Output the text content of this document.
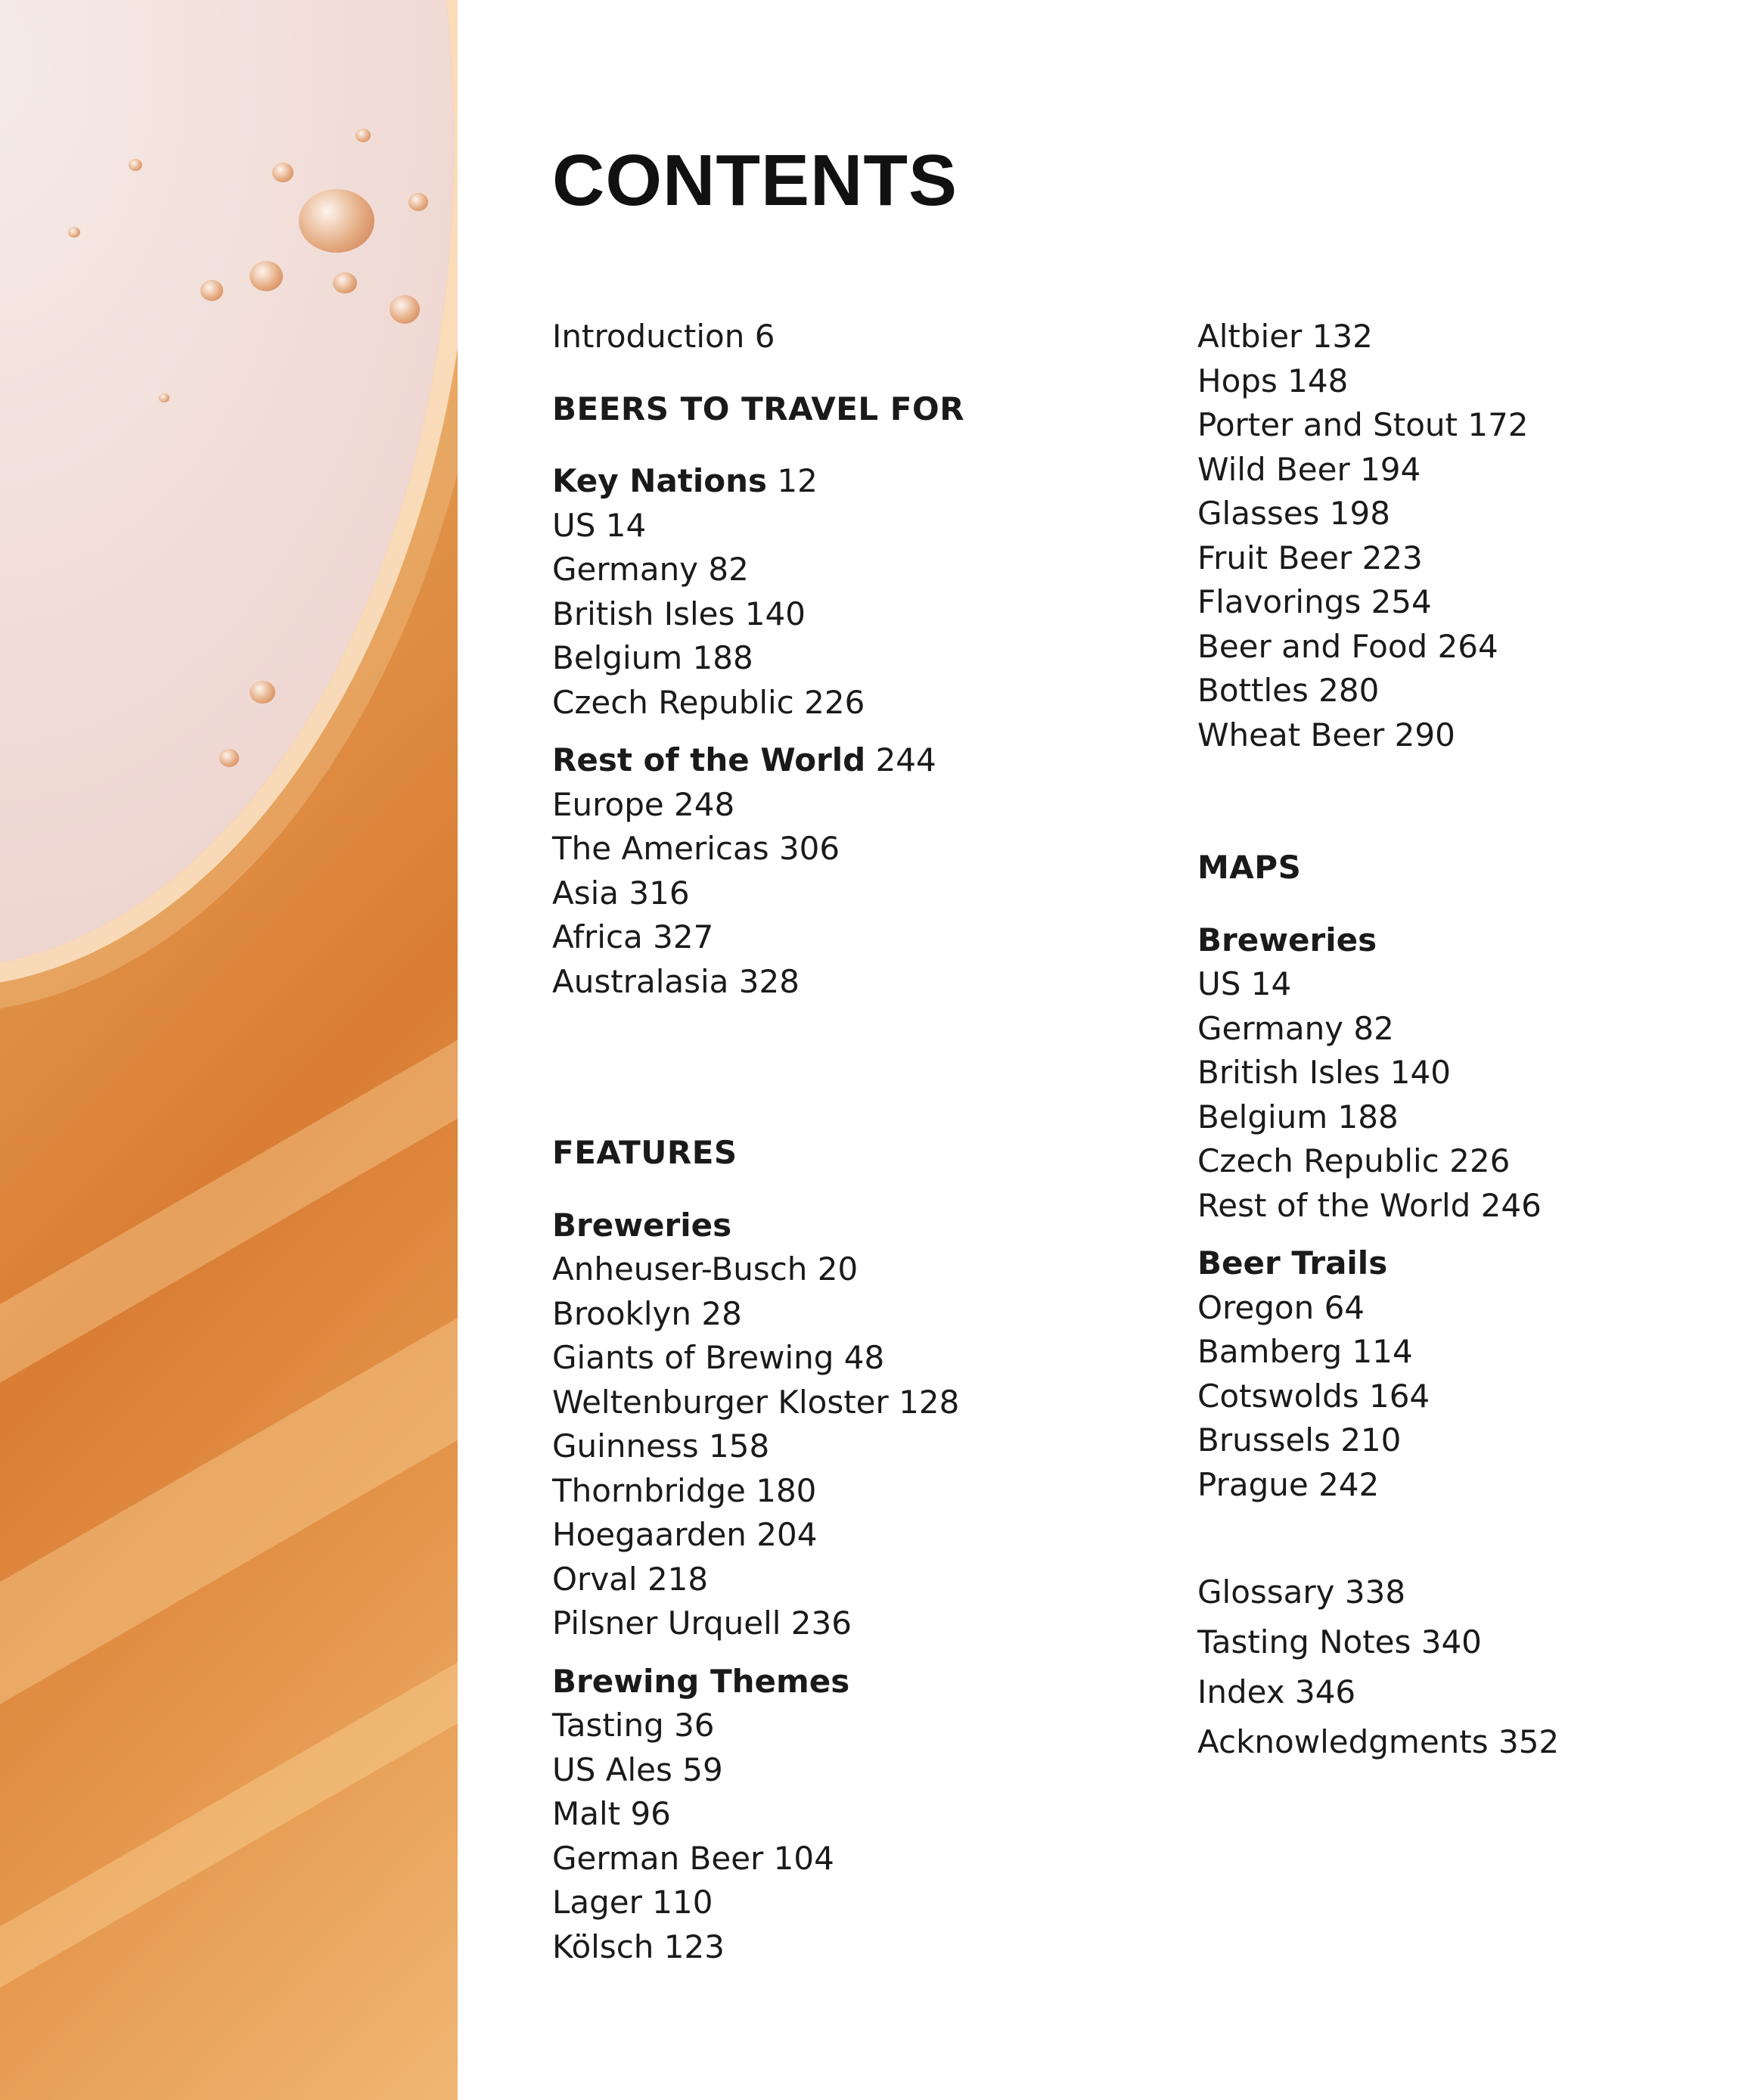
CONTENTS
Introduction 6
BEERS TO TRAVEL FOR
Key Nations 12
US 14
Germany 82
British Isles 140
Belgium 188
Czech Republic 226
Rest of the World 244
Europe 248
The Americas 306
Asia 316
Africa 327
Australasia 328
FEATURES
Breweries
Anheuser-Busch 20
Brooklyn 28
Giants of Brewing 48
Weltenburger Kloster 128
Guinness 158
Thornbridge 180
Hoegaarden 204
Orval 218
Pilsner Urquell 236
Brewing Themes
Tasting 36
US Ales 59
Malt 96
German Beer 104
Lager 110
Kölsch 123
Altbier 132
Hops 148
Porter and Stout 172
Wild Beer 194
Glasses 198
Fruit Beer 223
Flavorings 254
Beer and Food 264
Bottles 280
Wheat Beer 290
MAPS
Breweries
US 14
Germany 82
British Isles 140
Belgium 188
Czech Republic 226
Rest of the World 246
Beer Trails
Oregon 64
Bamberg 114
Cotswolds 164
Brussels 210
Prague 242
Glossary 338
Tasting Notes 340
Index 346
Acknowledgments 352
